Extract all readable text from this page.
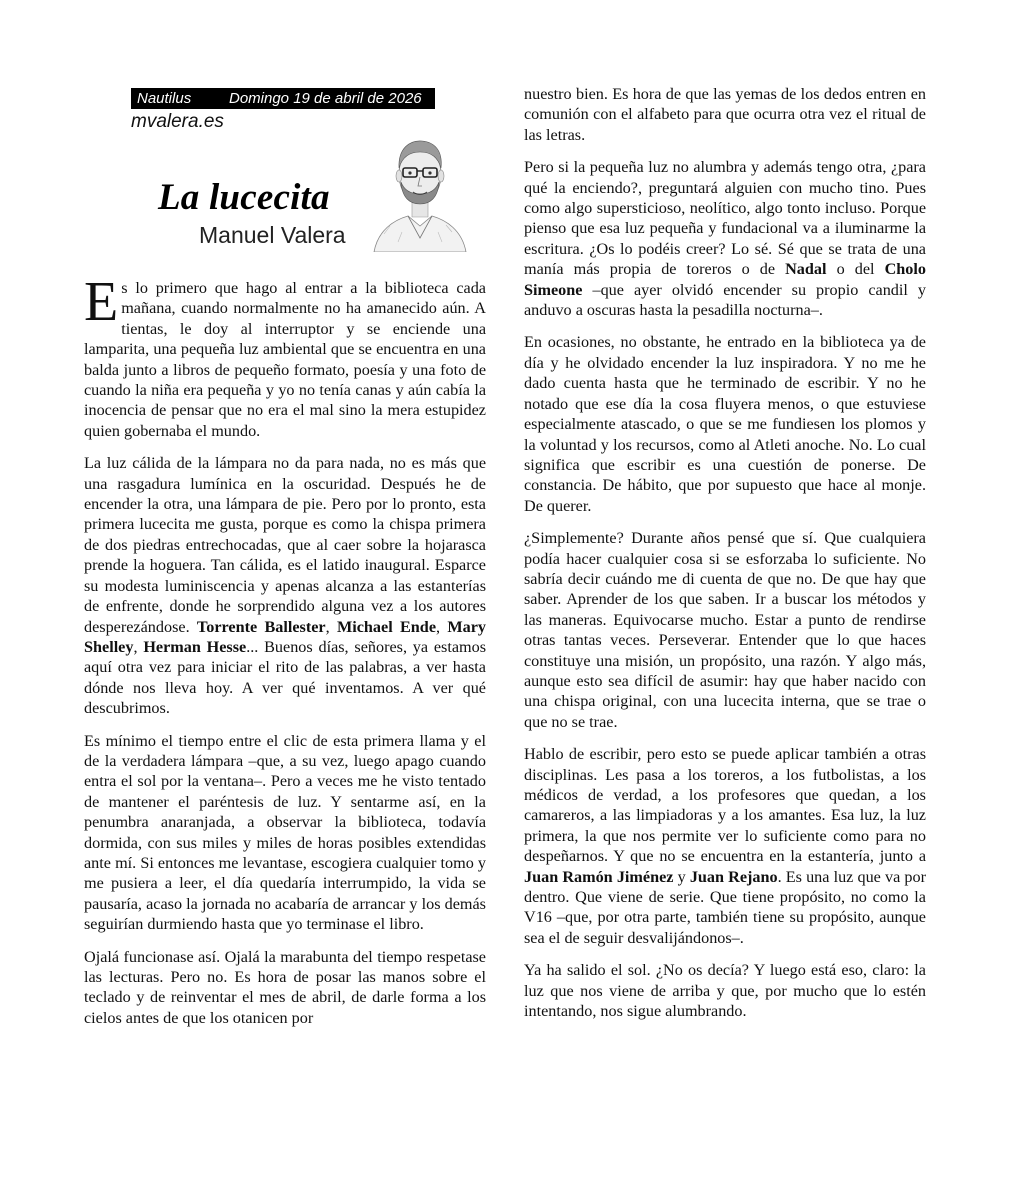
Nautilus	Domingo 19 de abril de 2026
mvalera.es
La lucecita
Manuel Valera

Es lo primero que hago al entrar a la biblioteca cada mañana, cuando normalmente no ha amanecido aún. A tientas, le doy al interruptor y se enciende una lamparita, una pequeña luz ambiental que se encuentra en una balda junto a libros de pequeño formato, poesía y una foto de cuando la niña era pequeña y yo no tenía canas y aún cabía la inocencia de pensar que no era el mal sino la mera estupidez quien gobernaba el mundo.

La luz cálida de la lámpara no da para nada, no es más que una rasgadura lumínica en la oscuridad. Después he de encender la otra, una lámpara de pie. Pero por lo pronto, esta primera lucecita me gusta, porque es como la chispa primera de dos piedras entrechocadas, que al caer sobre la hojarasca prende la hoguera. Tan cálida, es el latido inaugural. Esparce su modesta luminiscencia y apenas alcanza a las estanterías de enfrente, donde he sorprendido alguna vez a los autores desperezándose. Torrente Ballester, Michael Ende, Mary Shelley, Herman Hesse... Buenos días, señores, ya estamos aquí otra vez para iniciar el rito de las palabras, a ver hasta dónde nos lleva hoy. A ver qué inventamos. A ver qué descubrimos.

Es mínimo el tiempo entre el clic de esta primera llama y el de la verdadera lámpara –que, a su vez, luego apago cuando entra el sol por la ventana–. Pero a veces me he visto tentado de mantener el paréntesis de luz. Y sentarme así, en la penumbra anaranjada, a observar la biblioteca, todavía dormida, con sus miles y miles de horas posibles extendidas ante mí. Si entonces me levantase, escogiera cualquier tomo y me pusiera a leer, el día quedaría interrumpido, la vida se pausaría, acaso la jornada no acabaría de arrancar y los demás seguirían durmiendo hasta que yo terminase el libro.

Ojalá funcionase así. Ojalá la marabunta del tiempo respetase las lecturas. Pero no. Es hora de posar las manos sobre el teclado y de reinventar el mes de abril, de darle forma a los cielos antes de que los otanicen por

nuestro bien. Es hora de que las yemas de los dedos entren en comunión con el alfabeto para que ocurra otra vez el ritual de las letras.

Pero si la pequeña luz no alumbra y además tengo otra, ¿para qué la enciendo?, preguntará alguien con mucho tino. Pues como algo supersticioso, neolítico, algo tonto incluso. Porque pienso que esa luz pequeña y fundacional va a iluminarme la escritura. ¿Os lo podéis creer? Lo sé. Sé que se trata de una manía más propia de toreros o de Nadal o del Cholo Simeone –que ayer olvidó encender su propio candil y anduvo a oscuras hasta la pesadilla nocturna–.

En ocasiones, no obstante, he entrado en la biblioteca ya de día y he olvidado encender la luz inspiradora. Y no me he dado cuenta hasta que he terminado de escribir. Y no he notado que ese día la cosa fluyera menos, o que estuviese especialmente atascado, o que se me fundiesen los plomos y la voluntad y los recursos, como al Atleti anoche. No. Lo cual significa que escribir es una cuestión de ponerse. De constancia. De hábito, que por supuesto que hace al monje. De querer.

¿Simplemente? Durante años pensé que sí. Que cualquiera podía hacer cualquier cosa si se esforzaba lo suficiente. No sabría decir cuándo me di cuenta de que no. De que hay que saber. Aprender de los que saben. Ir a buscar los métodos y las maneras. Equivocarse mucho. Estar a punto de rendirse otras tantas veces. Perseverar. Entender que lo que haces constituye una misión, un propósito, una razón. Y algo más, aunque esto sea difícil de asumir: hay que haber nacido con una chispa original, con una lucecita interna, que se trae o que no se trae.

Hablo de escribir, pero esto se puede aplicar también a otras disciplinas. Les pasa a los toreros, a los futbolistas, a los médicos de verdad, a los profesores que quedan, a los camareros, a las limpiadoras y a los amantes. Esa luz, la luz primera, la que nos permite ver lo suficiente como para no despeñarnos. Y que no se encuentra en la estantería, junto a Juan Ramón Jiménez y Juan Rejano. Es una luz que va por dentro. Que viene de serie. Que tiene propósito, no como la V16 –que, por otra parte, también tiene su propósito, aunque sea el de seguir desvalijándonos–.

Ya ha salido el sol. ¿No os decía? Y luego está eso, claro: la luz que nos viene de arriba y que, por mucho que lo estén intentando, nos sigue alumbrando.
